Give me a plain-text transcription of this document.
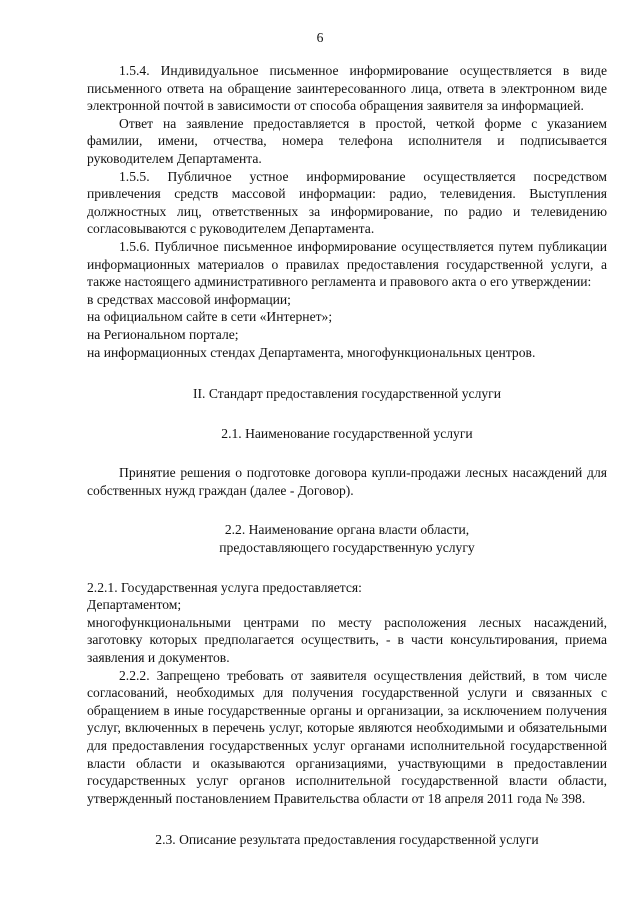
6

1.5.4. Индивидуальное письменное информирование осуществляется в виде письменного ответа на обращение заинтересованного лица, ответа в электронном виде электронной почтой в зависимости от способа обращения заявителя за информацией.

Ответ на заявление предоставляется в простой, четкой форме с указанием фамилии, имени, отчества, номера телефона исполнителя и подписывается руководителем Департамента.

1.5.5. Публичное устное информирование осуществляется посредством привлечения средств массовой информации: радио, телевидения. Выступления должностных лиц, ответственных за информирование, по радио и телевидению согласовываются с руководителем Департамента.

1.5.6. Публичное письменное информирование осуществляется путем публикации информационных материалов о правилах предоставления государственной услуги, а также настоящего административного регламента и правового акта о его утверждении:

в средствах массовой информации;

на официальном сайте в сети «Интернет»;

на Региональном портале;

на информационных стендах Департамента, многофункциональных центров.

II. Стандарт предоставления государственной услуги

2.1. Наименование государственной услуги

Принятие решения о подготовке договора купли-продажи лесных насаждений для собственных нужд граждан (далее - Договор).

2.2. Наименование органа власти области,

предоставляющего государственную услугу

2.2.1. Государственная услуга предоставляется:

Департаментом;

многофункциональными центрами по месту расположения лесных насаждений, заготовку которых предполагается осуществить, - в части консультирования, приема заявления и документов.

2.2.2. Запрещено требовать от заявителя осуществления действий, в том числе согласований, необходимых для получения государственной услуги и связанных с обращением в иные государственные органы и организации, за исключением получения услуг, включенных в перечень услуг, которые являются необходимыми и обязательными для предоставления государственных услуг органами исполнительной государственной власти области и оказываются организациями, участвующими в предоставлении государственных услуг органов исполнительной государственной власти области, утвержденный постановлением Правительства области от 18 апреля 2011 года № 398.

2.3. Описание результата предоставления государственной услуги
